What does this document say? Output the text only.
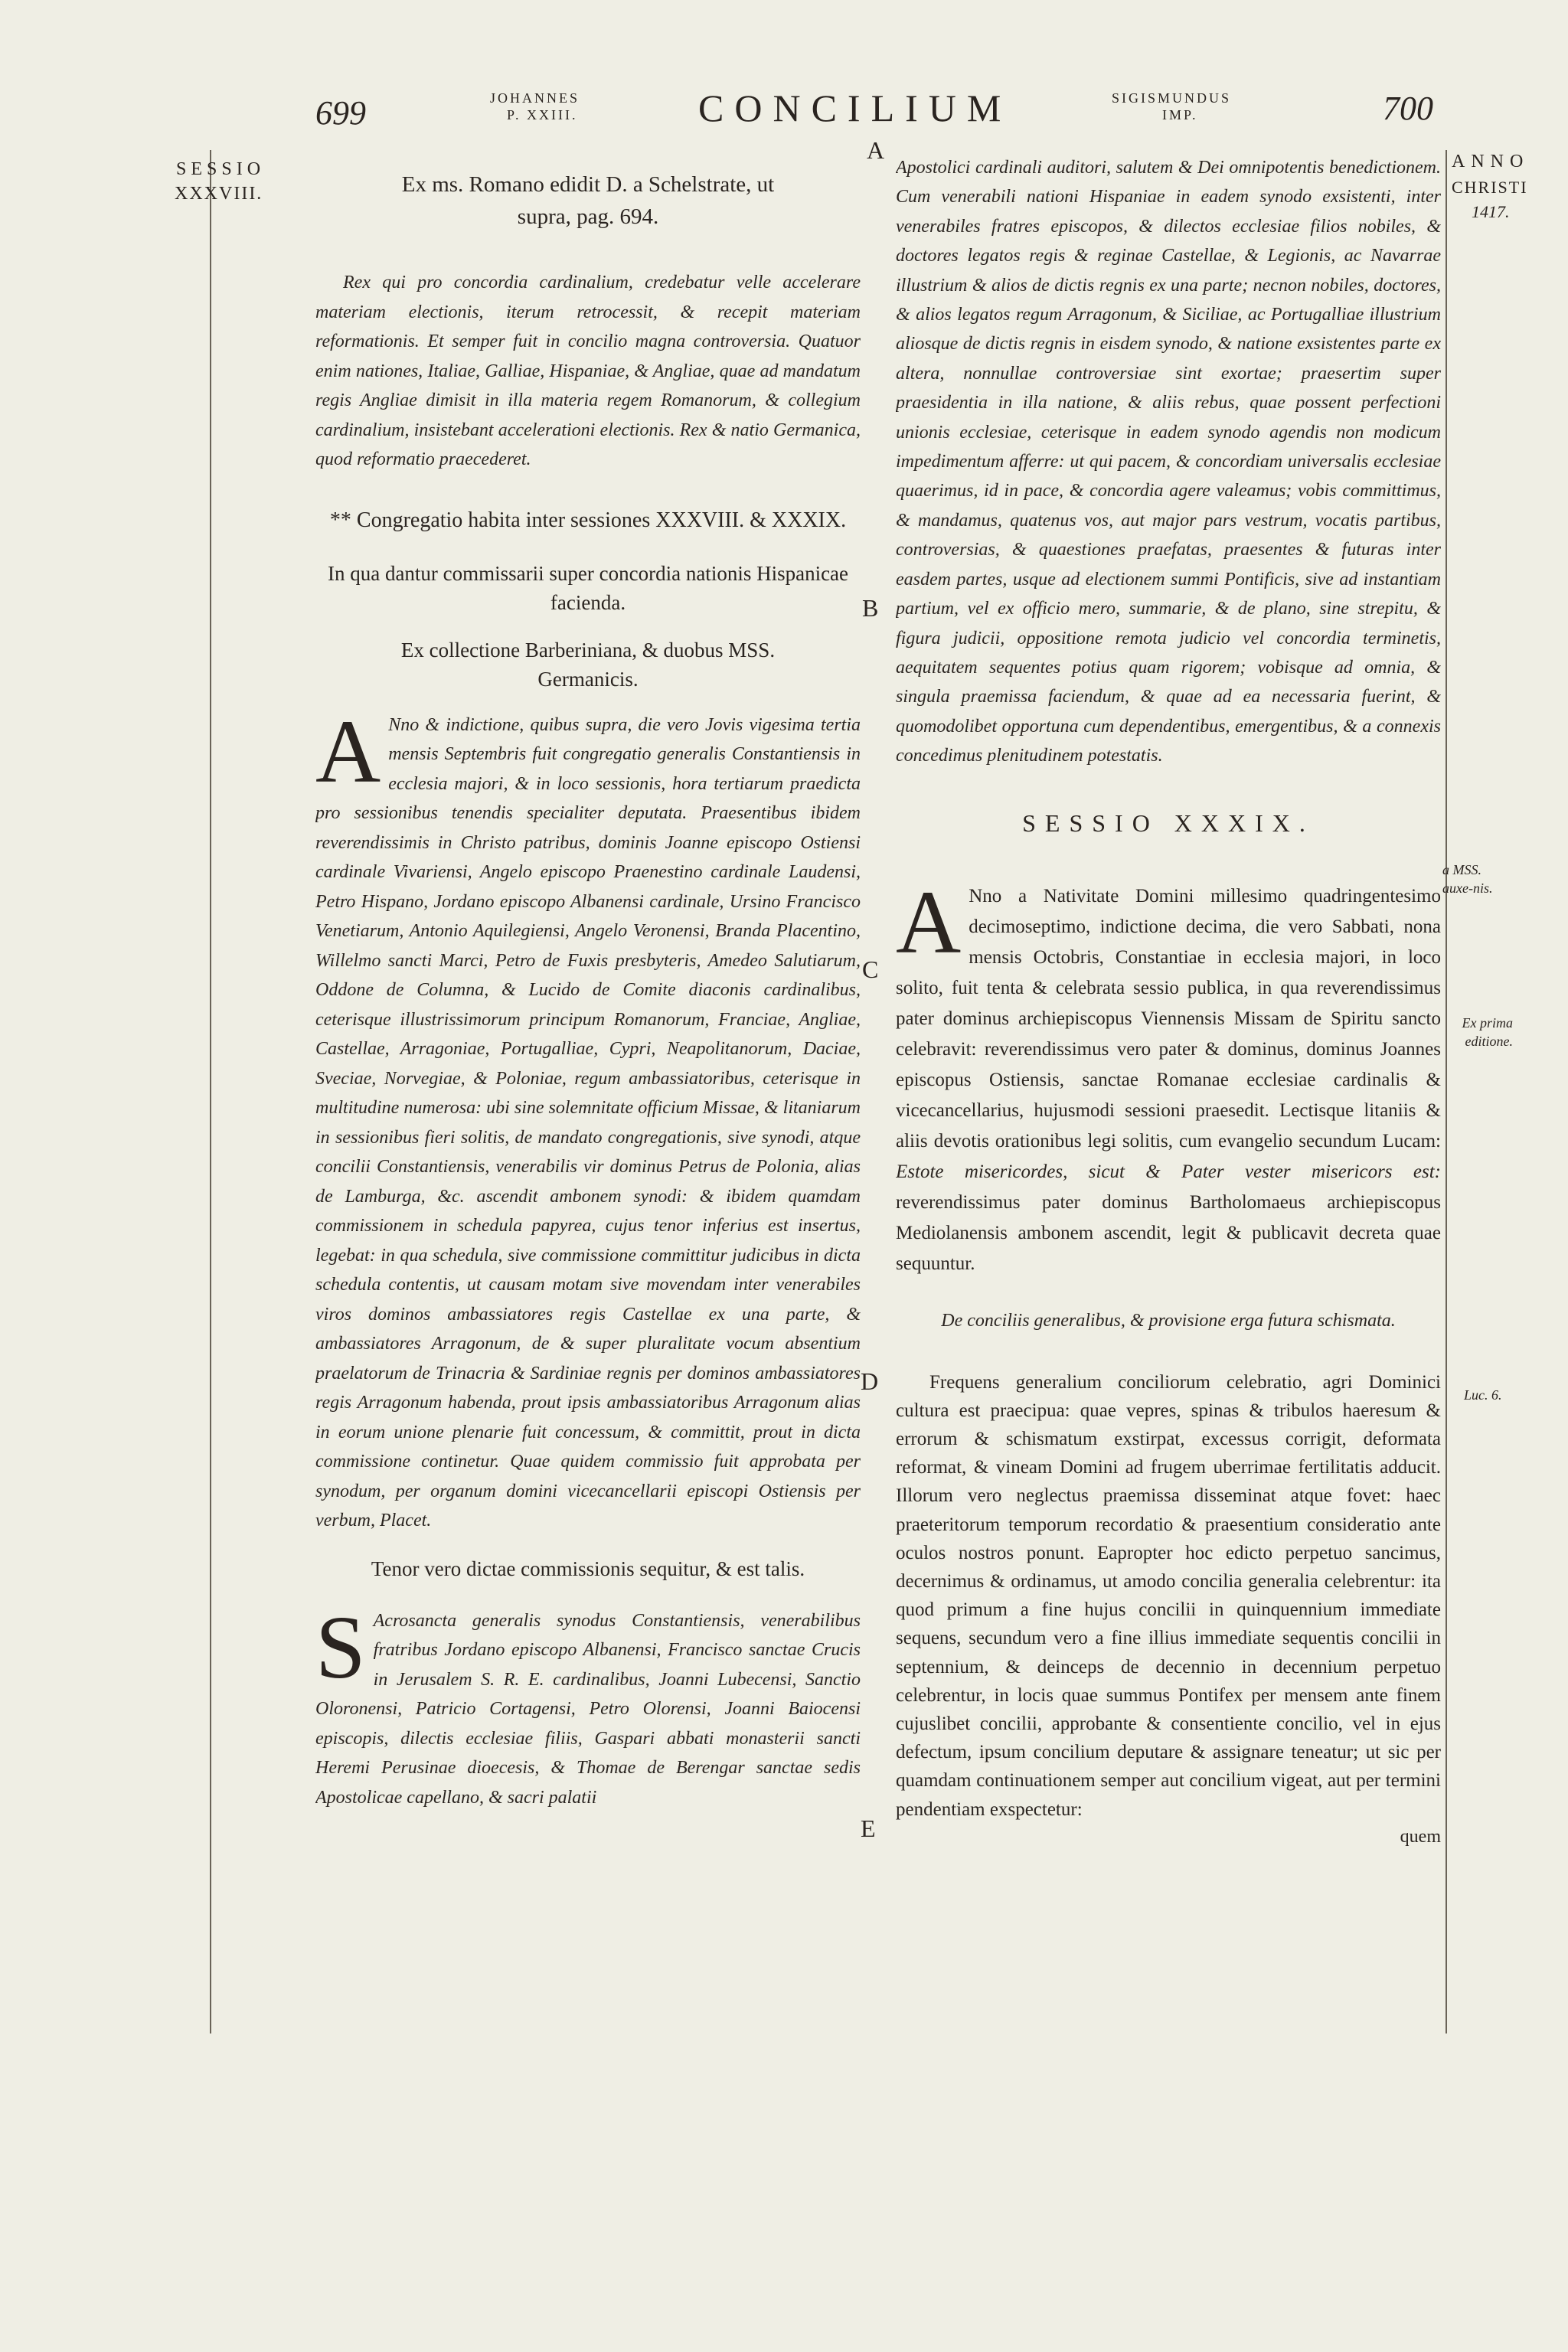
699	JOHANNES
P. XXIII.	CONCILIUM	SIGISMUNDUS
IMP.	700
SESSIO
XXXVIII.
ANNO
CHRISTI
1417.
a MSS. auxe-nis.
Ex prima editione.
Luc. 6.
A
B
C
D
E

Ex ms. Romano edidit D. a Schelstrate, ut supra, pag. 694.

Rex qui pro concordia cardinalium, credebatur velle accelerare materiam electionis, iterum retrocessit, & recepit materiam reformationis. Et semper fuit in concilio magna controversia. Quatuor enim nationes, Italiae, Galliae, Hispaniae, & Angliae, quae ad mandatum regis Angliae dimisit in illa materia regem Romanorum, & collegium cardinalium, insistebant accelerationi electionis. Rex & natio Germanica, quod reformatio praecederet.

** Congregatio habita inter sessiones XXXVIII. & XXXIX.

In qua dantur commissarii super concordia nationis Hispanicae facienda.

Ex collectione Barberiniana, & duobus MSS. Germanicis.

A Nno & indictione, quibus supra, die vero Jovis vigesima tertia mensis Septembris fuit congregatio generalis Constantiensis in ecclesia majori, & in loco sessionis, hora tertiarum praedicta pro sessionibus tenendis specialiter deputata. Praesentibus ibidem reverendissimis in Christo patribus, dominis Joanne episcopo Ostiensi cardinale Vivariensi, Angelo episcopo Praenestino cardinale Laudensi, Petro Hispano, Jordano episcopo Albanensi cardinale, Ursino Francisco Venetiarum, Antonio Aquilegiensi, Angelo Veronensi, Branda Placentino, Willelmo sancti Marci, Petro de Fuxis presbyteris, Amedeo Salutiarum, Oddone de Columna, & Lucido de Comite diaconis cardinalibus, ceterisque illustrissimorum principum Romanorum, Franciae, Angliae, Castellae, Arragoniae, Portugalliae, Cypri, Neapolitanorum, Daciae, Sveciae, Norvegiae, & Poloniae, regum ambassiatoribus, ceterisque in multitudine numerosa: ubi sine solemnitate officium Missae, & litaniarum in sessionibus fieri solitis, de mandato congregationis, sive synodi, atque concilii Constantiensis, venerabilis vir dominus Petrus de Polonia, alias de Lamburga, &c. ascendit ambonem synodi: & ibidem quamdam commissionem in schedula papyrea, cujus tenor inferius est insertus, legebat: in qua schedula, sive commissione committitur judicibus in dicta schedula contentis, ut causam motam sive movendam inter venerabiles viros dominos ambassiatores regis Castellae ex una parte, & ambassiatores Arragonum, de & super pluralitate vocum absentium praelatorum de Trinacria & Sardiniae regnis per dominos ambassiatores regis Arragonum habenda, prout ipsis ambassiatoribus Arragonum alias in eorum unione plenarie fuit concessum, & committit, prout in dicta commissione continetur. Quae quidem commissio fuit approbata per synodum, per organum domini vicecancellarii episcopi Ostiensis per verbum, Placet.

Tenor vero dictae commissionis sequitur, & est talis.

S Acrosancta generalis synodus Constantiensis, venerabilibus fratribus Jordano episcopo Albanensi, Francisco sanctae Crucis in Jerusalem S. R. E. cardinalibus, Joanni Lubecensi, Sanctio Oloronensi, Patricio Cortagensi, Petro Olorensi, Joanni Baiocensi episcopis, dilectis ecclesiae filiis, Gaspari abbati monasterii sancti Heremi Perusinae dioecesis, & Thomae de Berengar sanctae sedis Apostolicae capellano, & sacri palatii

Apostolici cardinali auditori, salutem & Dei omnipotentis benedictionem. Cum venerabili nationi Hispaniae in eadem synodo exsistenti, inter venerabiles fratres episcopos, & dilectos ecclesiae filios nobiles, & doctores legatos regis & reginae Castellae, & Legionis, ac Navarrae illustrium & alios de dictis regnis ex una parte; necnon nobiles, doctores, & alios legatos regum Arragonum, & Siciliae, ac Portugalliae illustrium aliosque de dictis regnis in eisdem synodo, & natione exsistentes parte ex altera, nonnullae controversiae sint exortae; praesertim super praesidentia in illa natione, & aliis rebus, quae possent perfectioni unionis ecclesiae, ceterisque in eadem synodo agendis non modicum impedimentum afferre: ut qui pacem, & concordiam universalis ecclesiae quaerimus, id in pace, & concordia agere valeamus; vobis committimus, & mandamus, quatenus vos, aut major pars vestrum, vocatis partibus, controversias, & quaestiones praefatas, praesentes & futuras inter easdem partes, usque ad electionem summi Pontificis, sive ad instantiam partium, vel ex officio mero, summarie, & de plano, sine strepitu, & figura judicii, oppositione remota judicio vel concordia terminetis, aequitatem sequentes potius quam rigorem; vobisque ad omnia, & singula praemissa faciendum, & quae ad ea necessaria fuerint, & quomodolibet opportuna cum dependentibus, emergentibus, & a connexis concedimus plenitudinem potestatis.

SESSIO XXXIX.

A Nno a Nativitate Domini millesimo quadringentesimo decimoseptimo, indictione decima, die vero Sabbati, nona mensis Octobris, Constantiae in ecclesia majori, in loco solito, fuit tenta & celebrata sessio publica, in qua reverendissimus pater dominus archiepiscopus Viennensis Missam de Spiritu sancto celebravit: reverendissimus vero pater & dominus, dominus Joannes episcopus Ostiensis, sanctae Romanae ecclesiae cardinalis & vicecancellarius, hujusmodi sessioni praesedit. Lectisque litaniis & aliis devotis orationibus legi solitis, cum evangelio secundum Lucam: Estote misericordes, sicut & Pater vester misericors est: reverendissimus pater dominus Bartholomaeus archiepiscopus Mediolanensis ambonem ascendit, legit & publicavit decreta quae sequuntur.

De conciliis generalibus, & provisione erga futura schismata.

Frequens generalium conciliorum celebratio, agri Dominici cultura est praecipua: quae vepres, spinas & tribulos haeresum & errorum & schismatum exstirpat, excessus corrigit, deformata reformat, & vineam Domini ad frugem uberrimae fertilitatis adducit. Illorum vero neglectus praemissa disseminat atque fovet: haec praeteritorum temporum recordatio & praesentium consideratio ante oculos nostros ponunt. Eapropter hoc edicto perpetuo sancimus, decernimus & ordinamus, ut amodo concilia generalia celebrentur: ita quod primum a fine hujus concilii in quinquennium immediate sequens, secundum vero a fine illius immediate sequentis concilii in septennium, & deinceps de decennio in decennium perpetuo celebrentur, in locis quae summus Pontifex per mensem ante finem cujuslibet concilii, approbante & consentiente concilio, vel in ejus defectum, ipsum concilium deputare & assignare teneatur; ut sic per quamdam continuationem semper aut concilium vigeat, aut per termini pendentiam exspectetur:

quem
